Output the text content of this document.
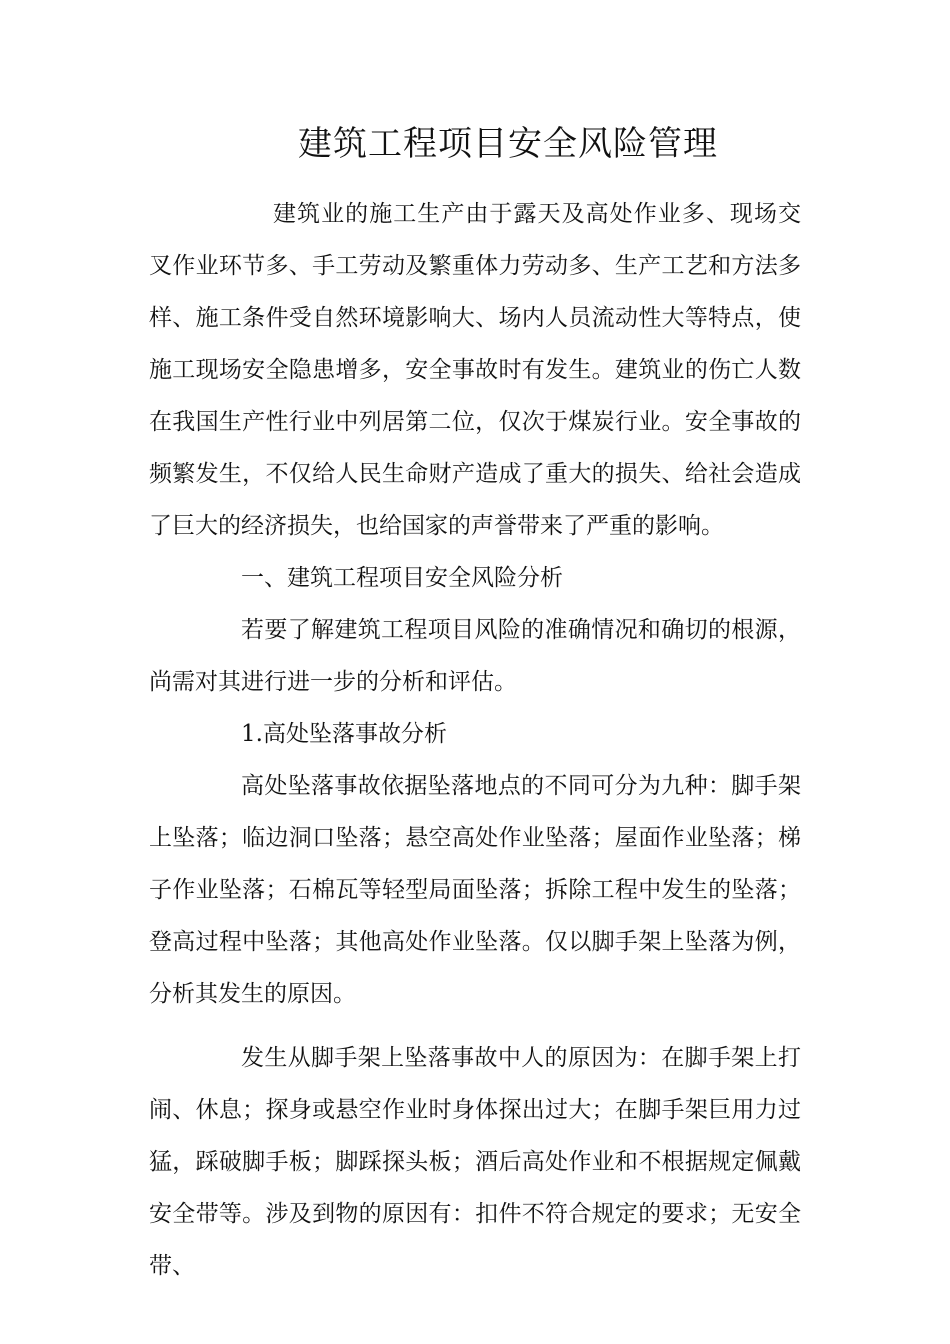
建筑工程项目安全风险管理

建筑业的施工生产由于露天及高处作业多、现场交叉作业环节多、手工劳动及繁重体力劳动多、生产工艺和方法多样、施工条件受自然环境影响大、场内人员流动性大等特点，使施工现场安全隐患增多，安全事故时有发生。建筑业的伤亡人数在我国生产性行业中列居第二位，仅次于煤炭行业。安全事故的频繁发生，不仅给人民生命财产造成了重大的损失、给社会造成了巨大的经济损失，也给国家的声誉带来了严重的影响。

一、建筑工程项目安全风险分析

若要了解建筑工程项目风险的准确情况和确切的根源，尚需对其进行进一步的分析和评估。

1.高处坠落事故分析

高处坠落事故依据坠落地点的不同可分为九种：脚手架上坠落；临边洞口坠落；悬空高处作业坠落；屋面作业坠落；梯子作业坠落；石棉瓦等轻型局面坠落；拆除工程中发生的坠落；登高过程中坠落；其他高处作业坠落。仅以脚手架上坠落为例，分析其发生的原因。

发生从脚手架上坠落事故中人的原因为：在脚手架上打闹、休息；探身或悬空作业时身体探出过大；在脚手架巨用力过猛，踩破脚手板；脚踩探头板；酒后高处作业和不根据规定佩戴安全带等。涉及到物的原因有：扣件不符合规定的要求；无安全带、
